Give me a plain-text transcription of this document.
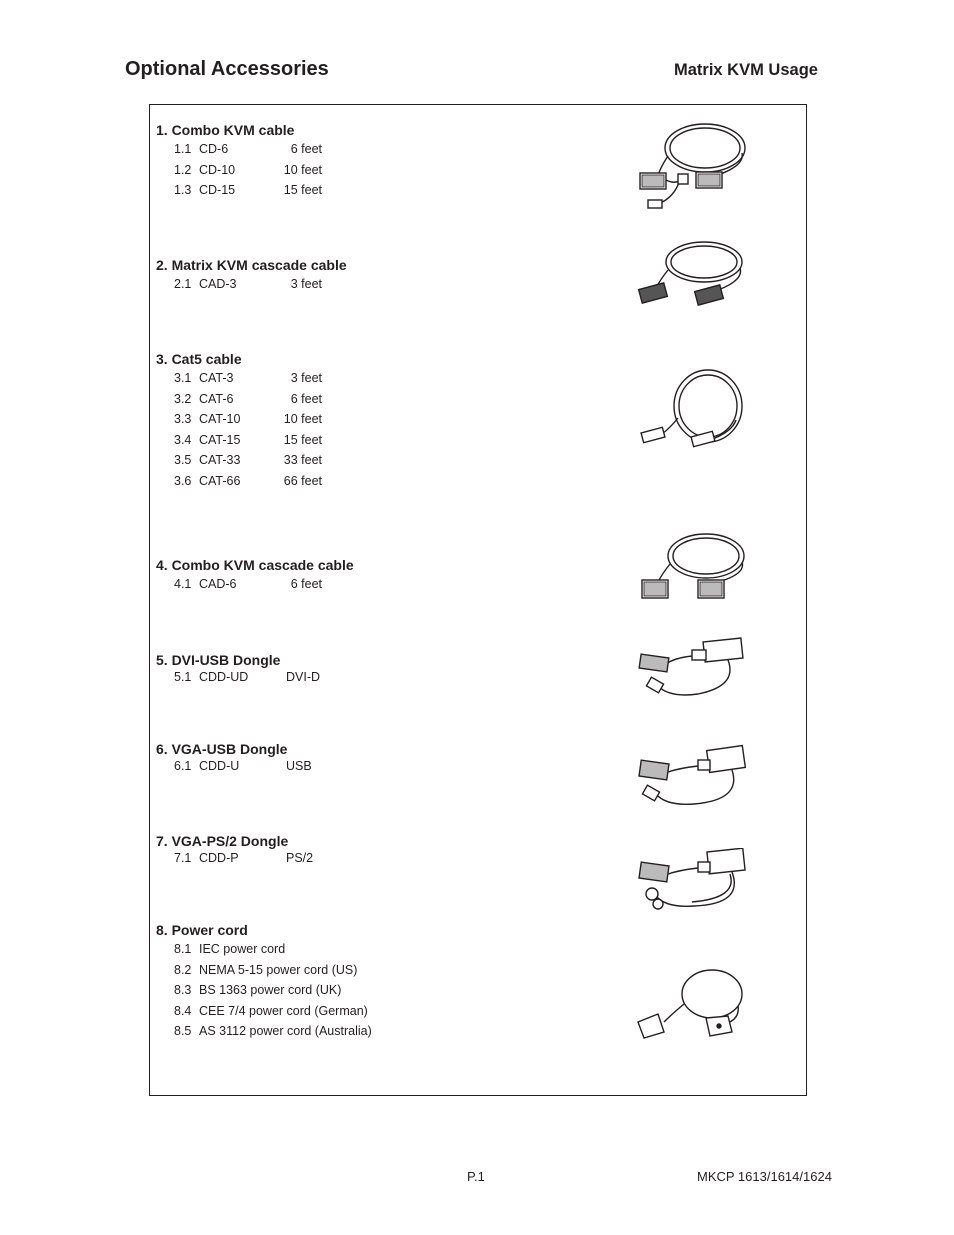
Optional Accessories	Matrix KVM Usage
1. Combo KVM cable
1.1 CD-6	6 feet
1.2 CD-10	10 feet
1.3 CD-15	15 feet
2. Matrix KVM cascade cable
2.1 CAD-3	3 feet
3. Cat5 cable
3.1 CAT-3	3 feet
3.2 CAT-6	6 feet
3.3 CAT-10	10 feet
3.4 CAT-15	15 feet
3.5 CAT-33	33 feet
3.6 CAT-66	66 feet
4. Combo KVM cascade cable
4.1 CAD-6	6 feet
5. DVI-USB Dongle
5.1 CDD-UD	DVI-D
6. VGA-USB Dongle
6.1 CDD-U	USB
7. VGA-PS/2 Dongle
7.1 CDD-P	PS/2
8. Power cord
8.1 IEC power cord
8.2 NEMA 5-15 power cord (US)
8.3 BS 1363 power cord (UK)
8.4 CEE 7/4 power cord (German)
8.5 AS 3112 power cord (Australia)
P.1	MKCP 1613/1614/1624
